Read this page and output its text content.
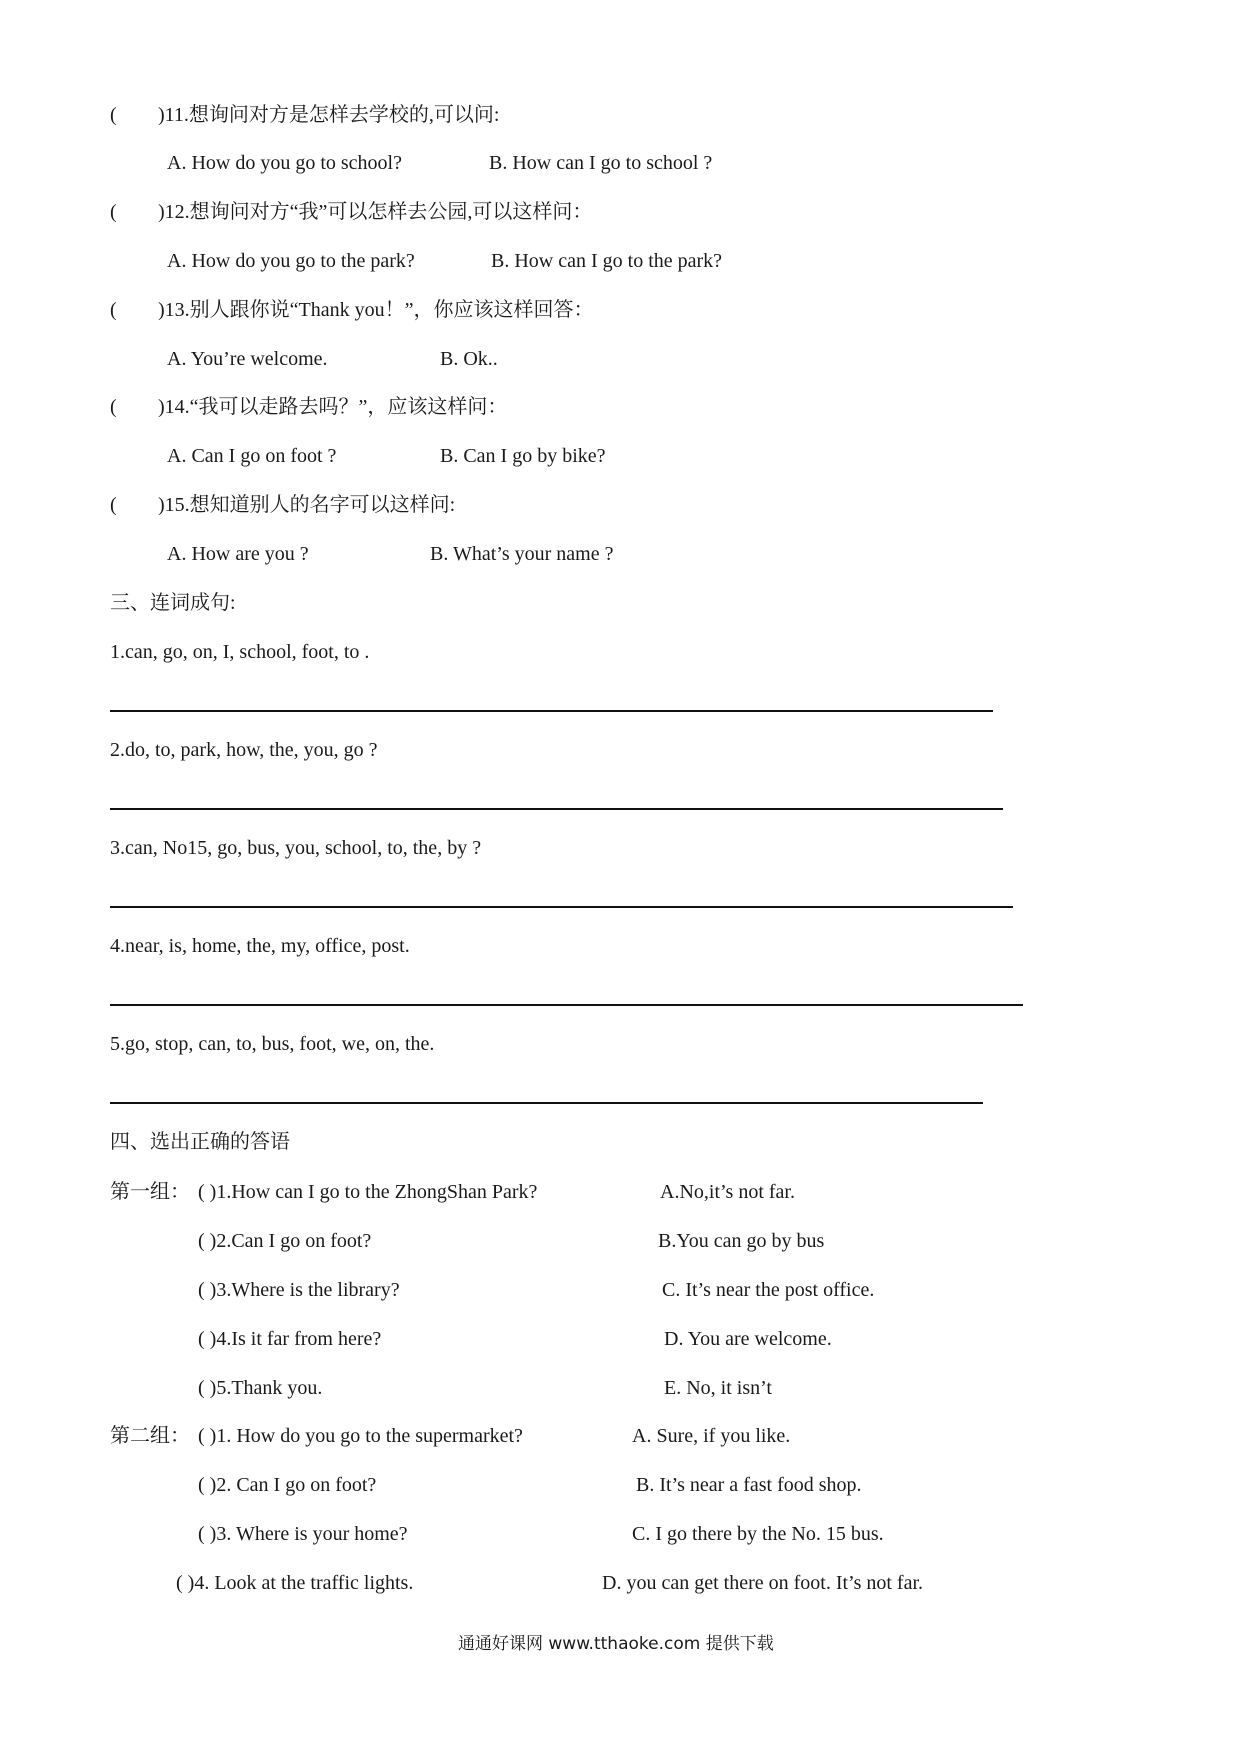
( )11.想询问对方是怎样去学校的,可以问:
A. How do you go to school?	B. How can I go to school ?
( )12.想询问对方“我”可以怎样去公园,可以这样问：
A. How do you go to the park?	B. How can I go to the park?
( )13.别人跟你说“Thank you！”，你应该这样回答：
A. You’re welcome.	B. Ok..
( )14.“我可以走路去吗？”，应该这样问：
A. Can I go on foot ?	B. Can I go by bike?
( )15.想知道别人的名字可以这样问:
A. How are you ?	B. What’s your name ?
三、连词成句:
1.can, go, on, I, school, foot, to .
2.do, to, park, how, the, you, go ?
3.can, No15, go, bus, you, school, to, the, by ?
4.near, is, home, the, my, office, post.
5.go, stop, can, to, bus, foot, we, on, the.
四、选出正确的答语
第一组： ( )1.How can I go to the ZhongShan Park?	A.No,it’s not far.
( )2.Can I go on foot?	B.You can go by bus
( )3.Where is the library?	C. It’s near the post office.
( )4.Is it far from here?	D. You are welcome.
( )5.Thank you.	E. No, it isn’t
第二组： ( )1. How do you go to the supermarket?	A. Sure, if you like.
( )2. Can I go on foot?	B. It’s near a fast food shop.
( )3. Where is your home?	C. I go there by the No. 15 bus.
( )4. Look at the traffic lights.	D. you can get there on foot. It’s not far.
通通好课网 www.tthaoke.com 提供下载
